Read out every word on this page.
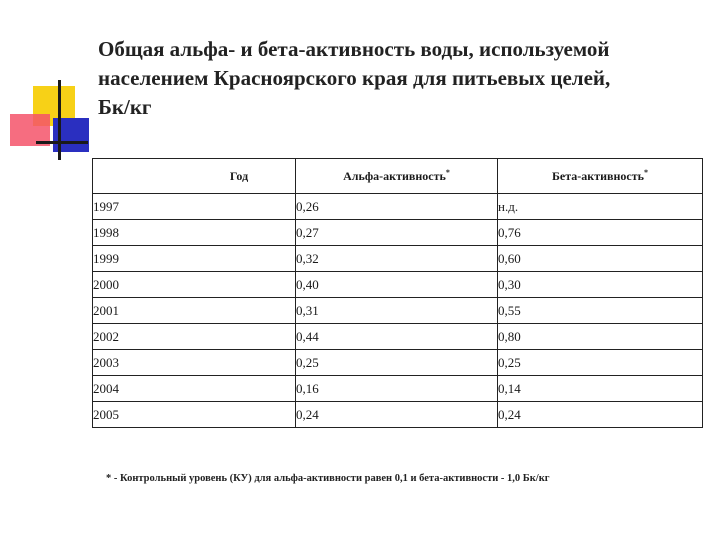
Общая альфа- и бета-активность воды, используемой
населением Красноярского края для питьевых целей,
Бк/кг
Год	Альфа-активность*	Бета-активность*
1997	0,26	н.д.
1998	0,27	0,76
1999	0,32	0,60
2000	0,40	0,30
2001	0,31	0,55
2002	0,44	0,80
2003	0,25	0,25
2004	0,16	0,14
2005	0,24	0,24
* - Контрольный уровень (КУ) для альфа-активности равен 0,1 и бета-активности - 1,0 Бк/кг
